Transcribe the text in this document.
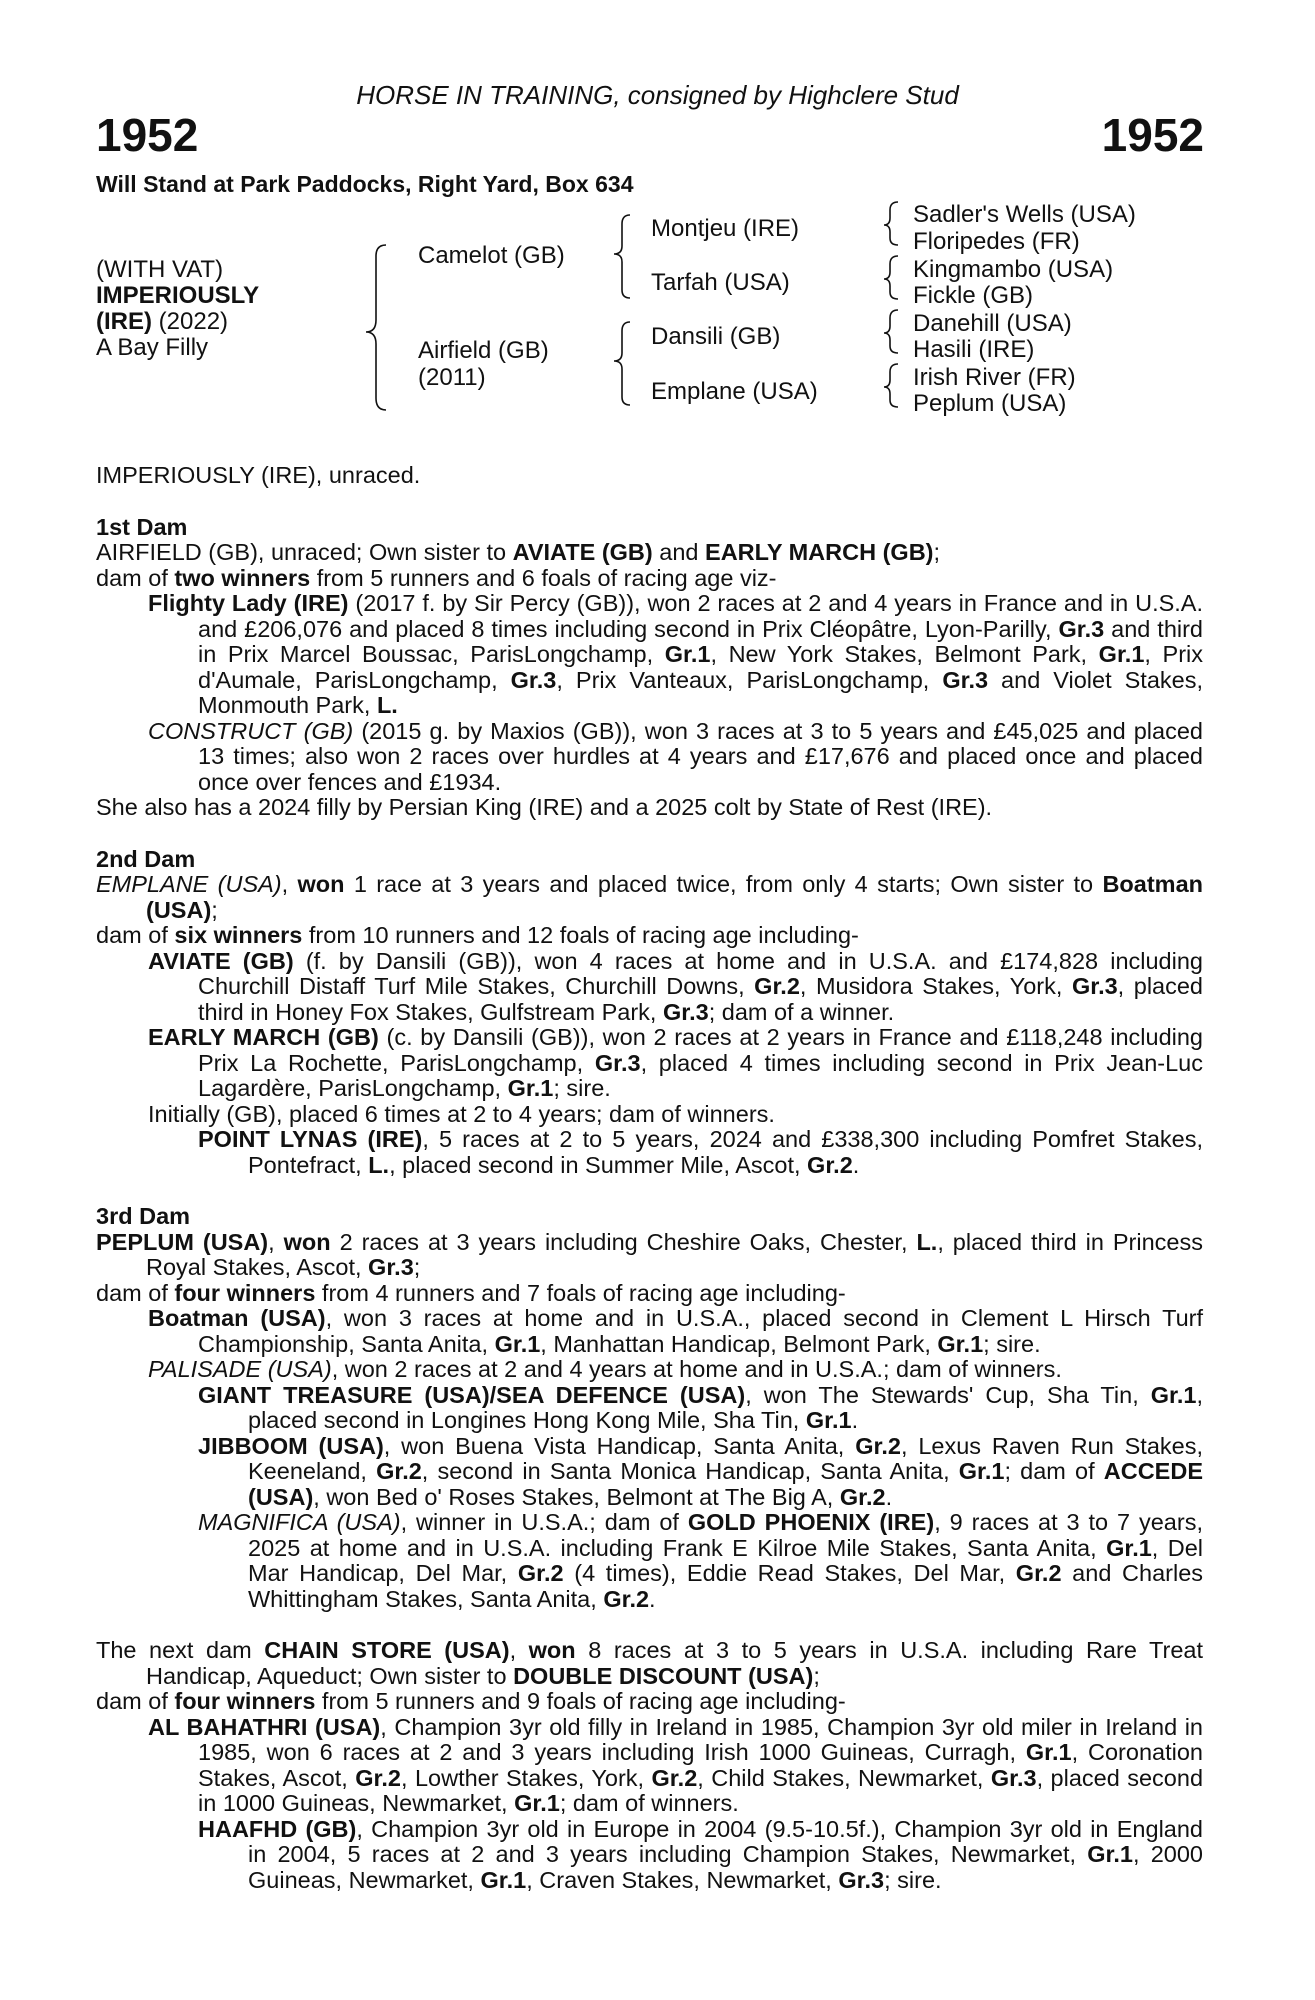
HORSE IN TRAINING, consigned by Highclere Stud
1952	1952
Will Stand at Park Paddocks, Right Yard, Box 634
(WITH VAT)
IMPERIOUSLY
(IRE) (2022)
A Bay Filly
Camelot (GB)
Airfield (GB)
(2011)
Montjeu (IRE)
Tarfah (USA)
Dansili (GB)
Emplane (USA)
Sadler's Wells (USA)
Floripedes (FR)
Kingmambo (USA)
Fickle (GB)
Danehill (USA)
Hasili (IRE)
Irish River (FR)
Peplum (USA)

IMPERIOUSLY (IRE), unraced.

1st Dam

AIRFIELD (GB), unraced; Own sister to AVIATE (GB) and EARLY MARCH (GB);

dam of two winners from 5 runners and 6 foals of racing age viz-

Flighty Lady (IRE) (2017 f. by Sir Percy (GB)), won 2 races at 2 and 4 years in France and in U.S.A. and £206,076 and placed 8 times including second in Prix Cléopâtre, Lyon-Parilly, Gr.3 and third in Prix Marcel Boussac, ParisLongchamp, Gr.1, New York Stakes, Belmont Park, Gr.1, Prix d'Aumale, ParisLongchamp, Gr.3, Prix Vanteaux, ParisLongchamp, Gr.3 and Violet Stakes, Monmouth Park, L.

CONSTRUCT (GB) (2015 g. by Maxios (GB)), won 3 races at 3 to 5 years and £45,025 and placed 13 times; also won 2 races over hurdles at 4 years and £17,676 and placed once and placed once over fences and £1934.

She also has a 2024 filly by Persian King (IRE) and a 2025 colt by State of Rest (IRE).

2nd Dam

EMPLANE (USA), won 1 race at 3 years and placed twice, from only 4 starts; Own sister to Boatman (USA);

dam of six winners from 10 runners and 12 foals of racing age including-

AVIATE (GB) (f. by Dansili (GB)), won 4 races at home and in U.S.A. and £174,828 including Churchill Distaff Turf Mile Stakes, Churchill Downs, Gr.2, Musidora Stakes, York, Gr.3, placed third in Honey Fox Stakes, Gulfstream Park, Gr.3; dam of a winner.

EARLY MARCH (GB) (c. by Dansili (GB)), won 2 races at 2 years in France and £118,248 including Prix La Rochette, ParisLongchamp, Gr.3, placed 4 times including second in Prix Jean-Luc Lagardère, ParisLongchamp, Gr.1; sire.

Initially (GB), placed 6 times at 2 to 4 years; dam of winners.

POINT LYNAS (IRE), 5 races at 2 to 5 years, 2024 and £338,300 including Pomfret Stakes, Pontefract, L., placed second in Summer Mile, Ascot, Gr.2.

3rd Dam

PEPLUM (USA), won 2 races at 3 years including Cheshire Oaks, Chester, L., placed third in Princess Royal Stakes, Ascot, Gr.3;

dam of four winners from 4 runners and 7 foals of racing age including-

Boatman (USA), won 3 races at home and in U.S.A., placed second in Clement L Hirsch Turf Championship, Santa Anita, Gr.1, Manhattan Handicap, Belmont Park, Gr.1; sire.

PALISADE (USA), won 2 races at 2 and 4 years at home and in U.S.A.; dam of winners.

GIANT TREASURE (USA)/SEA DEFENCE (USA), won The Stewards' Cup, Sha Tin, Gr.1, placed second in Longines Hong Kong Mile, Sha Tin, Gr.1.

JIBBOOM (USA), won Buena Vista Handicap, Santa Anita, Gr.2, Lexus Raven Run Stakes, Keeneland, Gr.2, second in Santa Monica Handicap, Santa Anita, Gr.1; dam of ACCEDE (USA), won Bed o' Roses Stakes, Belmont at The Big A, Gr.2.

MAGNIFICA (USA), winner in U.S.A.; dam of GOLD PHOENIX (IRE), 9 races at 3 to 7 years, 2025 at home and in U.S.A. including Frank E Kilroe Mile Stakes, Santa Anita, Gr.1, Del Mar Handicap, Del Mar, Gr.2 (4 times), Eddie Read Stakes, Del Mar, Gr.2 and Charles Whittingham Stakes, Santa Anita, Gr.2.

The next dam CHAIN STORE (USA), won 8 races at 3 to 5 years in U.S.A. including Rare Treat Handicap, Aqueduct; Own sister to DOUBLE DISCOUNT (USA);

dam of four winners from 5 runners and 9 foals of racing age including-

AL BAHATHRI (USA), Champion 3yr old filly in Ireland in 1985, Champion 3yr old miler in Ireland in 1985, won 6 races at 2 and 3 years including Irish 1000 Guineas, Curragh, Gr.1, Coronation Stakes, Ascot, Gr.2, Lowther Stakes, York, Gr.2, Child Stakes, Newmarket, Gr.3, placed second in 1000 Guineas, Newmarket, Gr.1; dam of winners.

HAAFHD (GB), Champion 3yr old in Europe in 2004 (9.5-10.5f.), Champion 3yr old in England in 2004, 5 races at 2 and 3 years including Champion Stakes, Newmarket, Gr.1, 2000 Guineas, Newmarket, Gr.1, Craven Stakes, Newmarket, Gr.3; sire.
